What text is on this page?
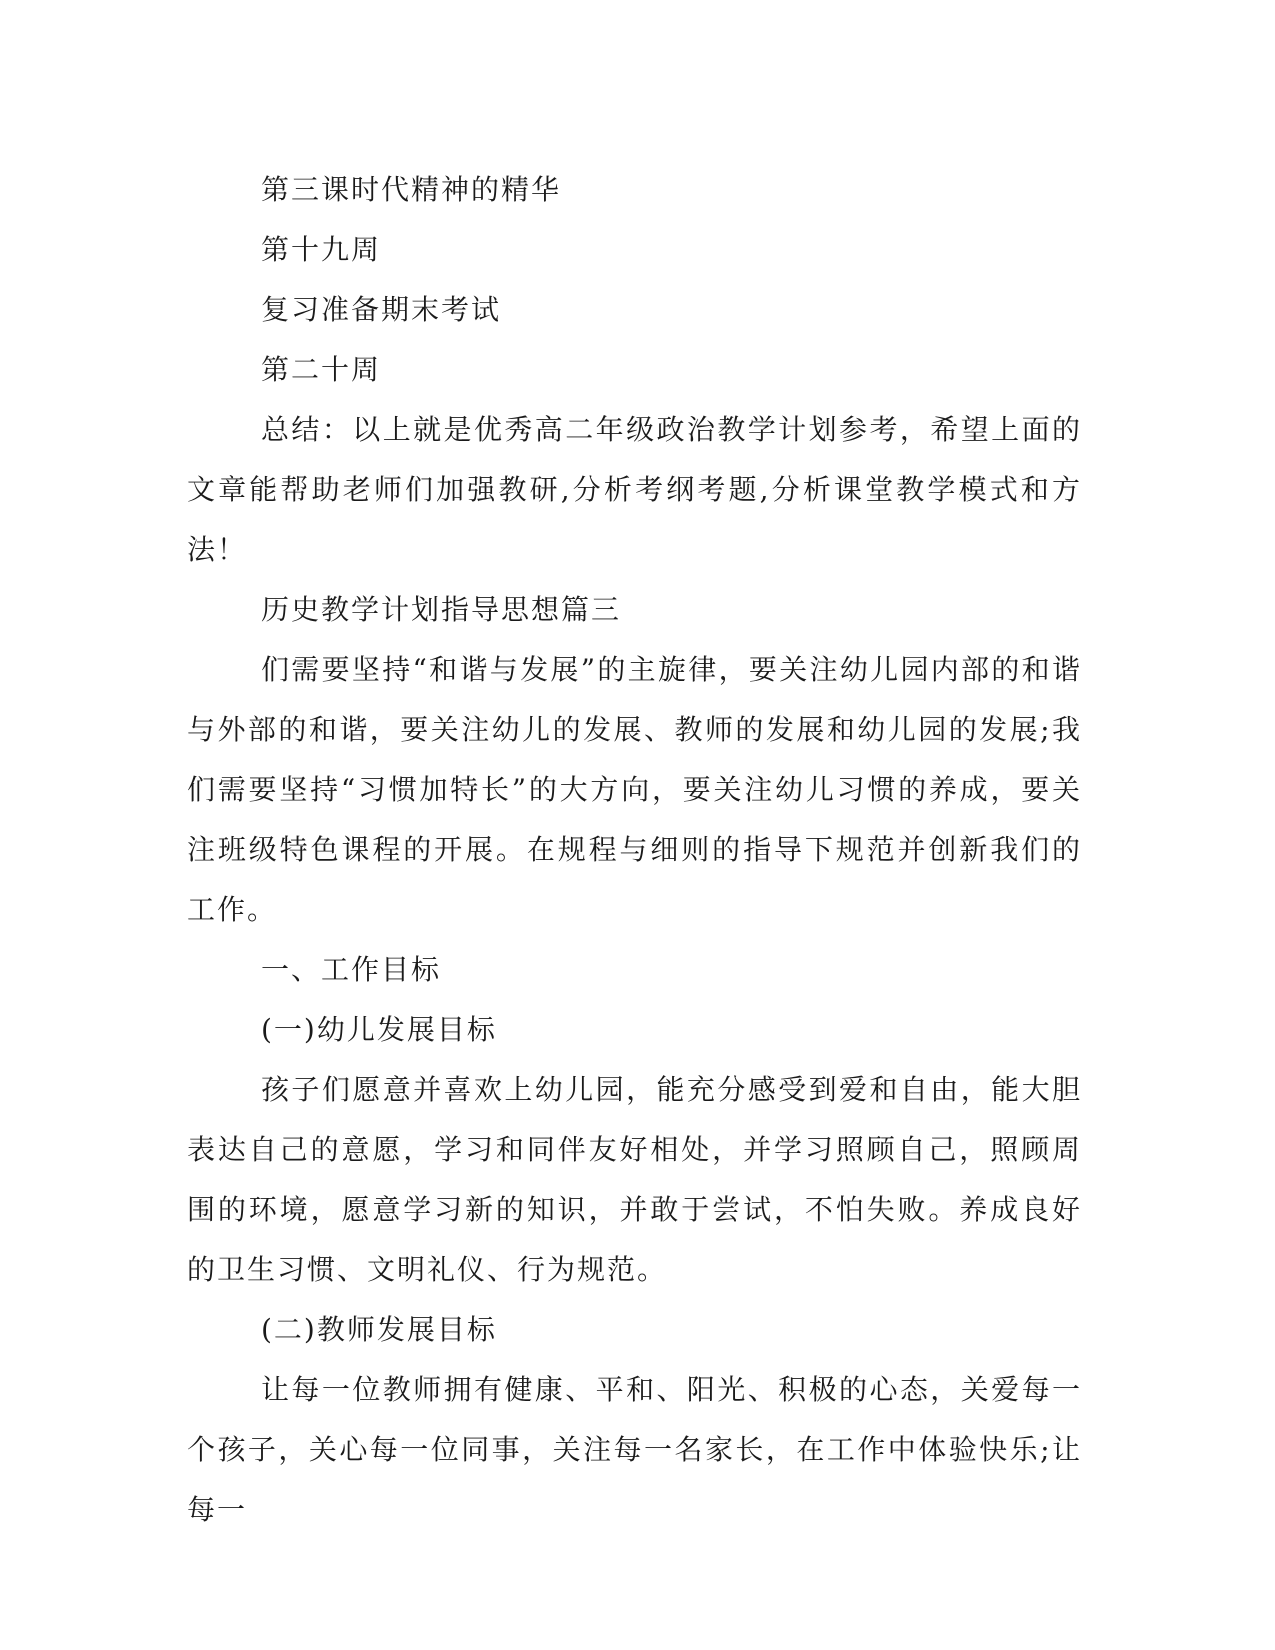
第三课时代精神的精华

第十九周

复习准备期末考试

第二十周

总结：以上就是优秀高二年级政治教学计划参考，希望上面的文章能帮助老师们加强教研,分析考纲考题,分析课堂教学模式和方法！

历史教学计划指导思想篇三

们需要坚持“和谐与发展”的主旋律，要关注幼儿园内部的和谐与外部的和谐，要关注幼儿的发展、教师的发展和幼儿园的发展;我们需要坚持“习惯加特长”的大方向，要关注幼儿习惯的养成，要关注班级特色课程的开展。在规程与细则的指导下规范并创新我们的工作。

一、工作目标

(一)幼儿发展目标

孩子们愿意并喜欢上幼儿园，能充分感受到爱和自由，能大胆表达自己的意愿，学习和同伴友好相处，并学习照顾自己，照顾周围的环境，愿意学习新的知识，并敢于尝试，不怕失败。养成良好的卫生习惯、文明礼仪、行为规范。

(二)教师发展目标

让每一位教师拥有健康、平和、阳光、积极的心态，关爱每一个孩子，关心每一位同事，关注每一名家长，在工作中体验快乐;让每一
